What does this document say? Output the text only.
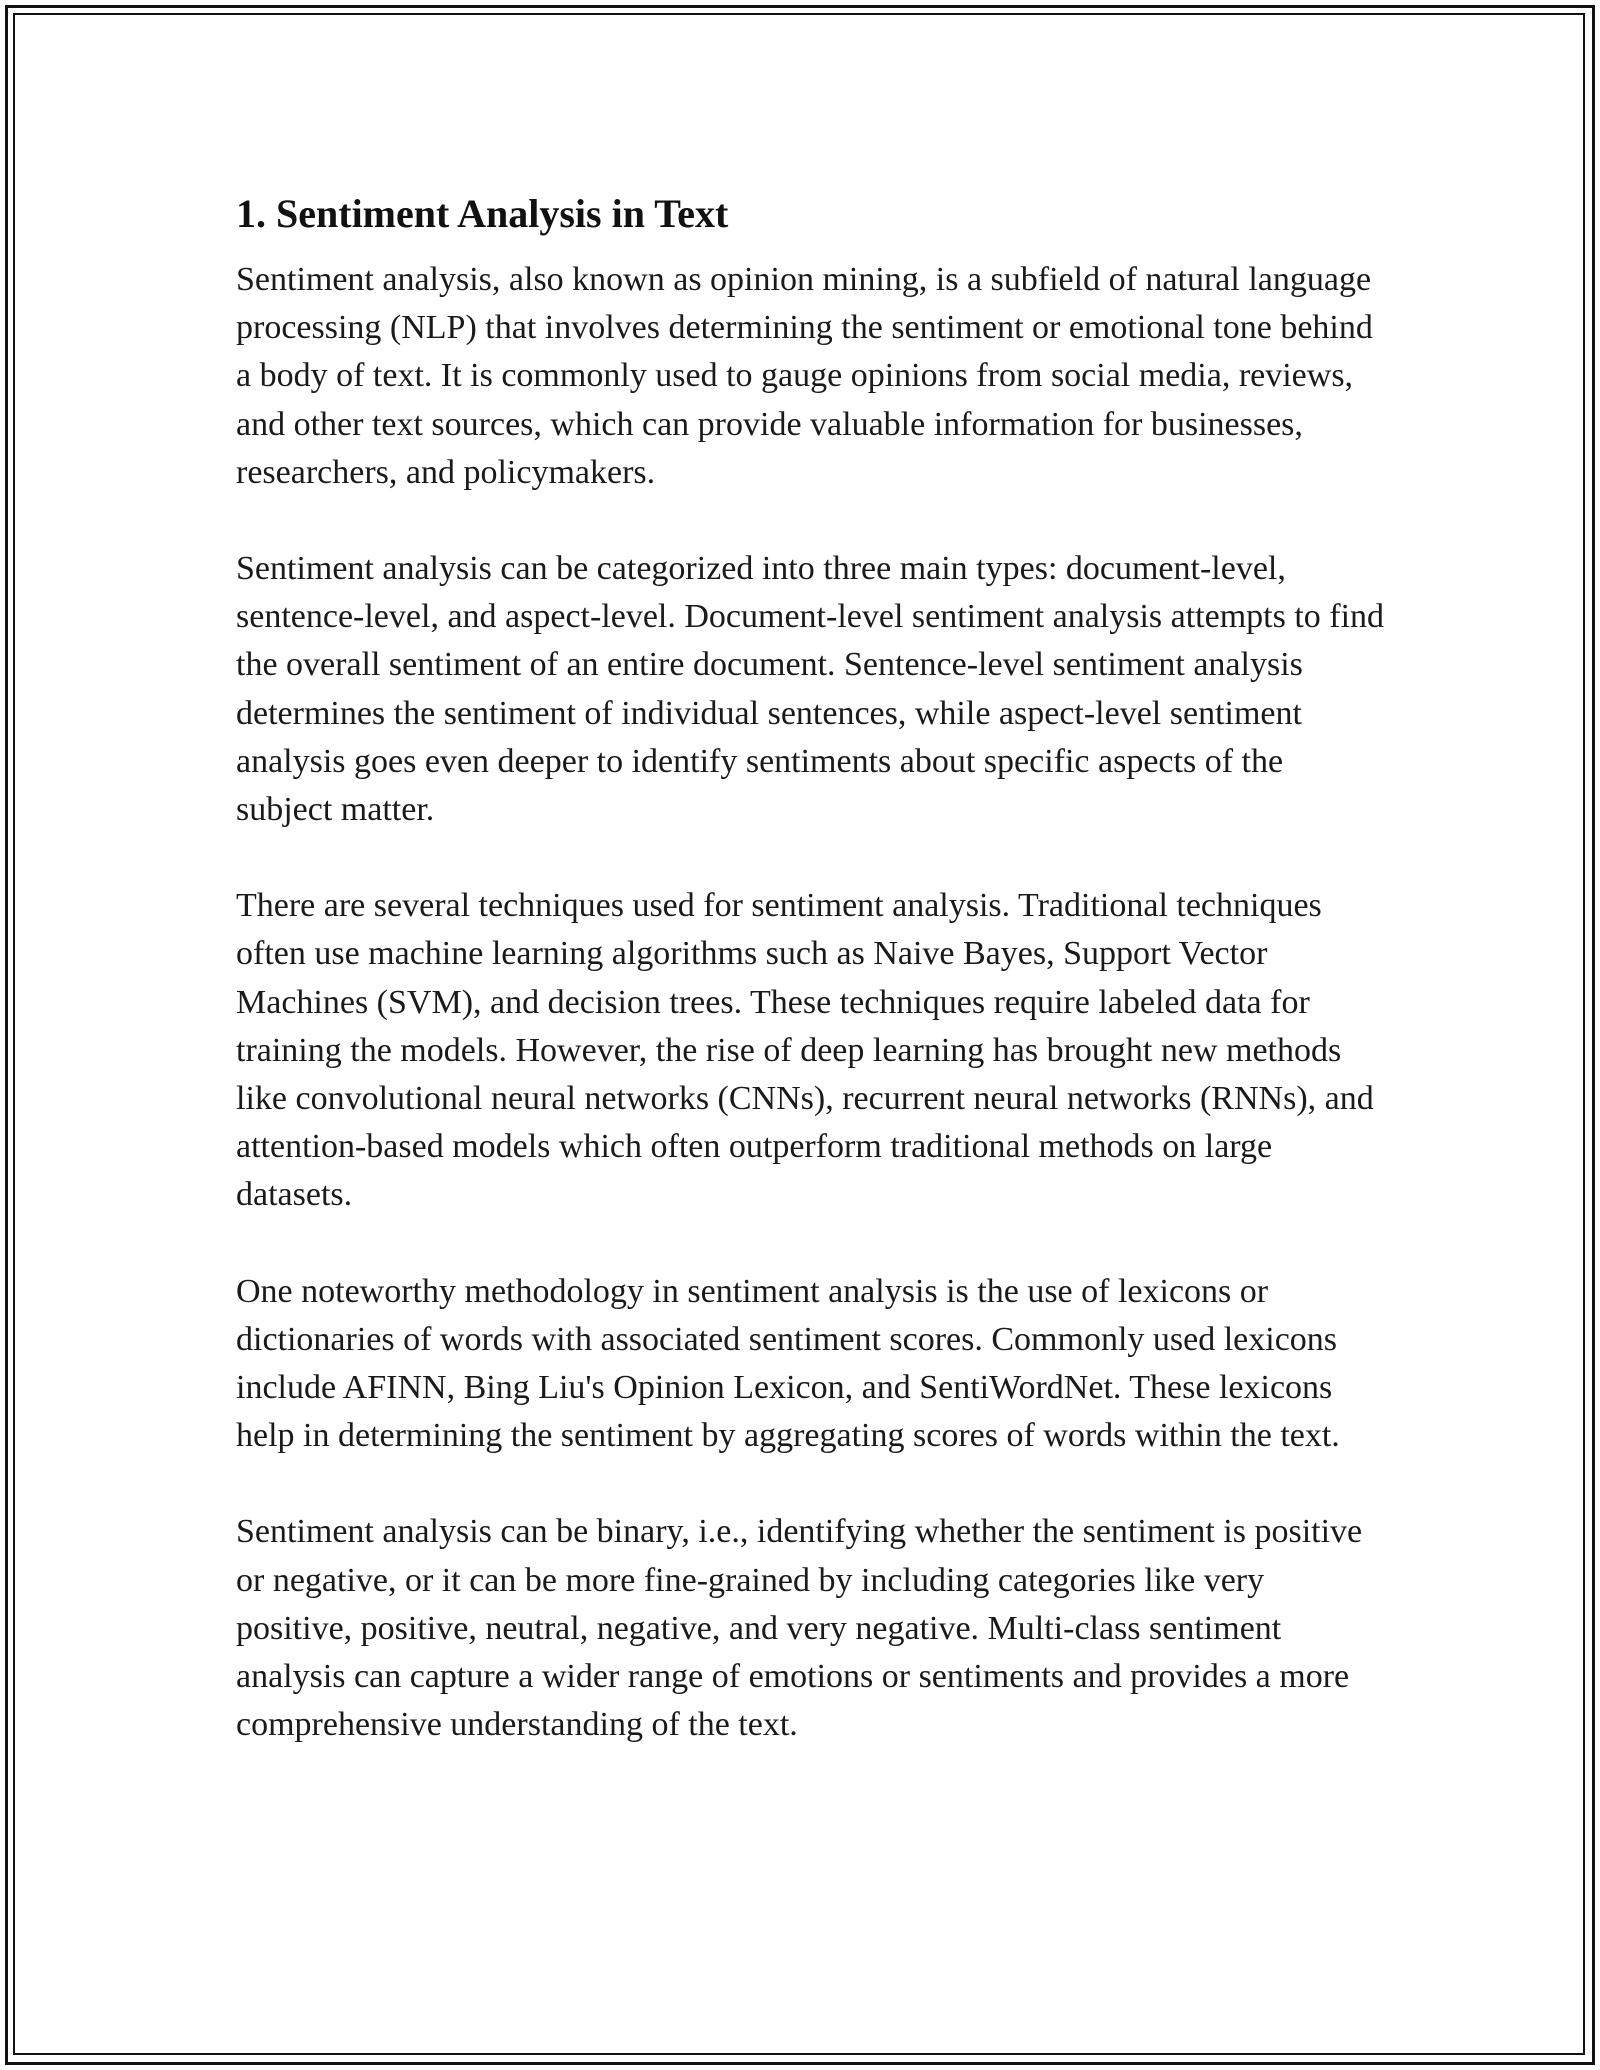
1. Sentiment Analysis in Text

Sentiment analysis, also known as opinion mining, is a subfield of natural language processing (NLP) that involves determining the sentiment or emotional tone behind a body of text. It is commonly used to gauge opinions from social media, reviews, and other text sources, which can provide valuable information for businesses, researchers, and policymakers.

Sentiment analysis can be categorized into three main types: document-level, sentence-level, and aspect-level. Document-level sentiment analysis attempts to find the overall sentiment of an entire document. Sentence-level sentiment analysis determines the sentiment of individual sentences, while aspect-level sentiment analysis goes even deeper to identify sentiments about specific aspects of the subject matter.

There are several techniques used for sentiment analysis. Traditional techniques often use machine learning algorithms such as Naive Bayes, Support Vector Machines (SVM), and decision trees. These techniques require labeled data for training the models. However, the rise of deep learning has brought new methods like convolutional neural networks (CNNs), recurrent neural networks (RNNs), and attention-based models which often outperform traditional methods on large datasets.

One noteworthy methodology in sentiment analysis is the use of lexicons or dictionaries of words with associated sentiment scores. Commonly used lexicons include AFINN, Bing Liu's Opinion Lexicon, and SentiWordNet. These lexicons help in determining the sentiment by aggregating scores of words within the text.

Sentiment analysis can be binary, i.e., identifying whether the sentiment is positive or negative, or it can be more fine-grained by including categories like very positive, positive, neutral, negative, and very negative. Multi-class sentiment analysis can capture a wider range of emotions or sentiments and provides a more comprehensive understanding of the text.
